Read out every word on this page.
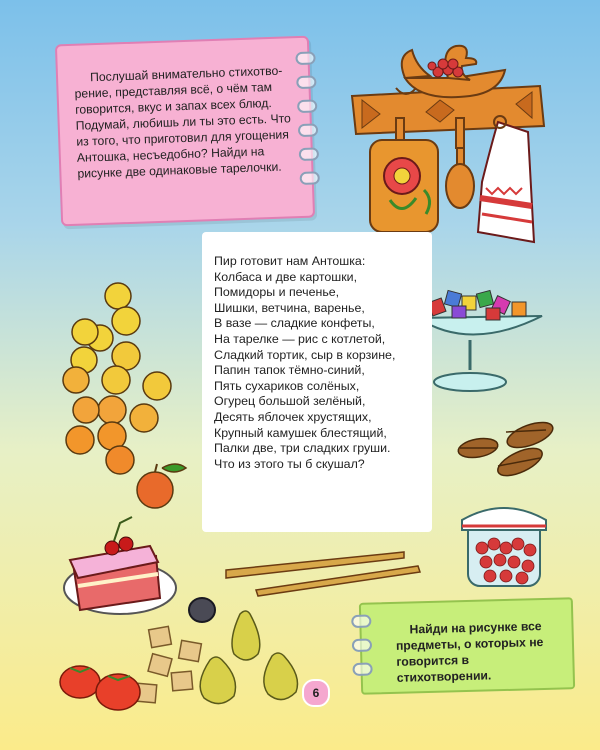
Послушай внимательно стихотво-рение, представляя всё, о чём там говорится, вкус и запах всех блюд. Подумай, любишь ли ты это есть. Что из того, что приготовил для угощения Антошка, несъедобно? Найди на рисунке две одинаковые тарелочки.

Пир готовит нам Антошка:
Колбаса и две картошки,
Помидоры и печенье,
Шишки, ветчина, варенье,
В вазе — сладкие конфеты,
На тарелке — рис с котлетой,
Сладкий тортик, сыр в корзине,
Папин тапок тёмно-синий,
Пять сухариков солёных,
Огурец большой зелёный,
Десять яблочек хрустящих,
Крупный камушек блестящий,
Палки две, три сладких груши.
Что из этого ты б скушал?

Найди на рисунке все предметы, о которых не говорится в стихотворении.

6
